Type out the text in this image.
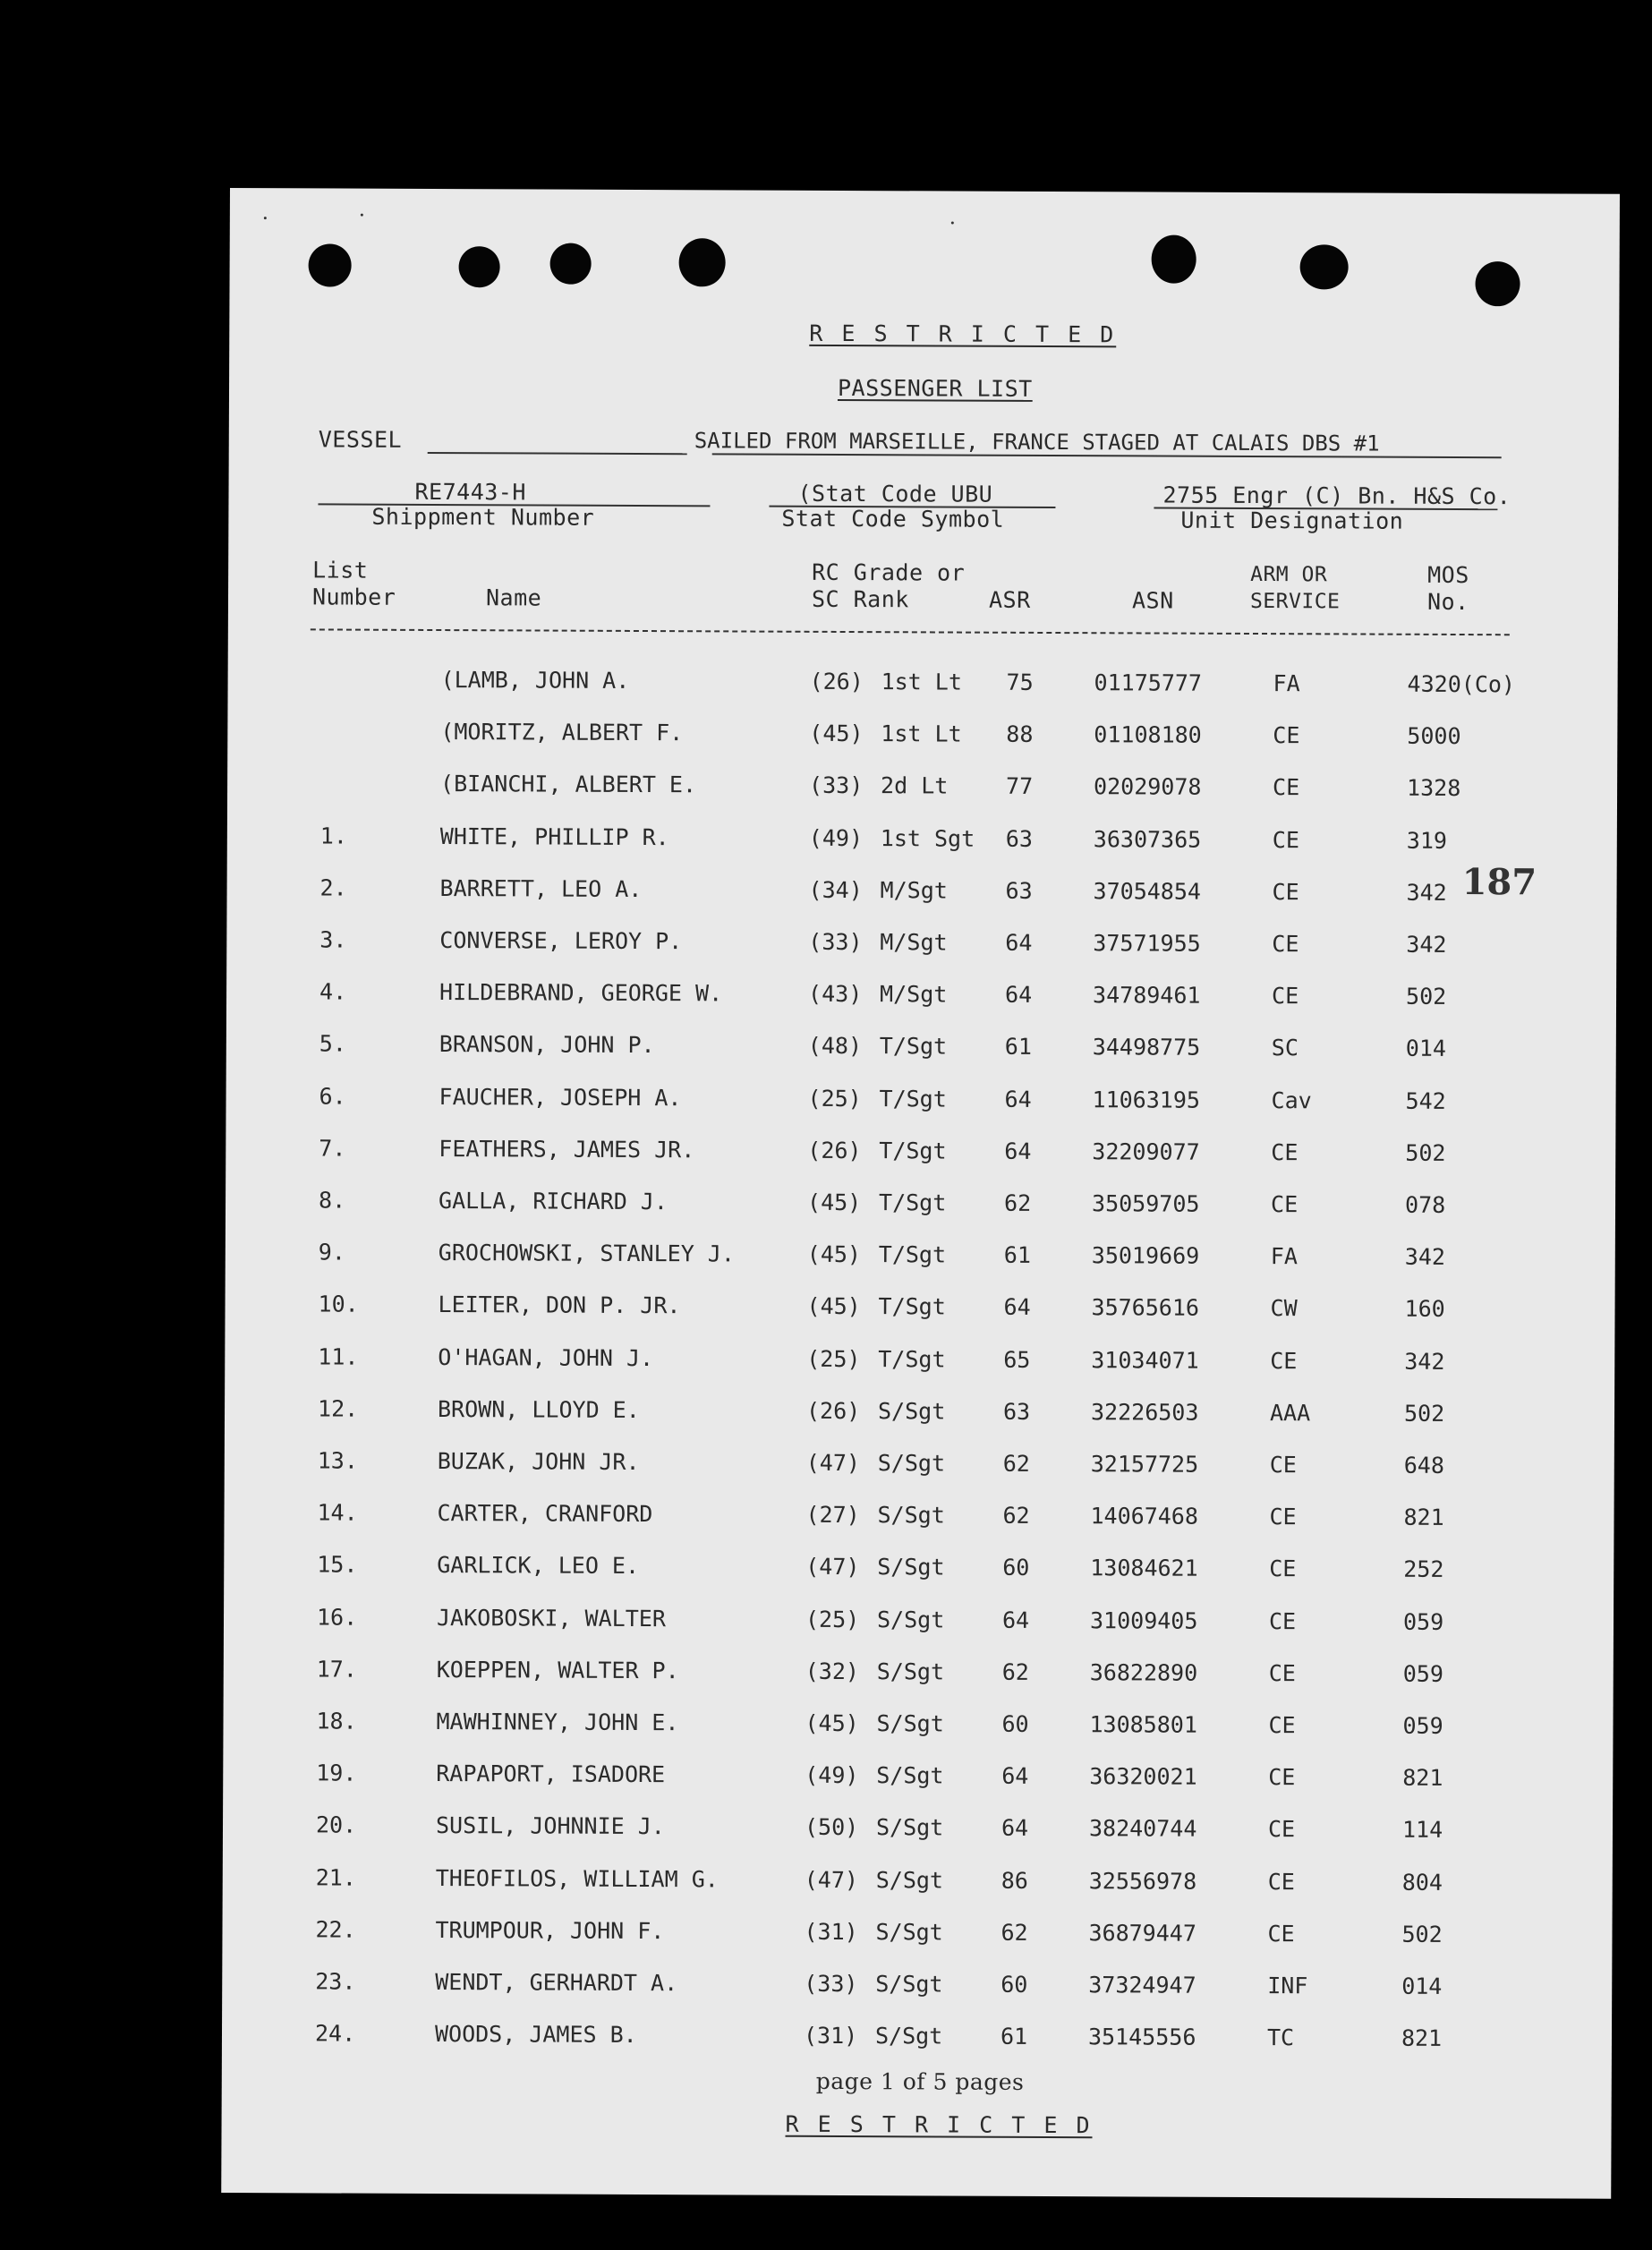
R E S T R I C T E D
PASSENGER LIST
VESSEL	SAILED FROM MARSEILLE, FRANCE STAGED AT CALAIS DBS #1
RE7443-H
Shippment Number
(Stat Code UBU
Stat Code Symbol
2755 Engr (C) Bn. H&S Co.
Unit Designation
List
Number	Name
RC Grade or
SC Rank	ASR	ASN
ARM OR
SERVICE
MOS
No.
(LAMB, JOHN A.	(26) 1st Lt 75	01175777	FA	4320(Co)
(MORITZ, ALBERT F.	(45) 1st Lt 88	01108180	CE	5000
(BIANCHI, ALBERT E.	(33) 2d Lt	77	02029078	CE	1328
1.	WHITE, PHILLIP R.	(49) 1st Sgt 63	36307365	CE	319
2.	BARRETT, LEO A.	(34) M/Sgt	63	37054854	CE	342
3.	CONVERSE, LEROY P.	(33) M/Sgt	64	37571955	CE	342
4.	HILDEBRAND, GEORGE W.	(43) M/Sgt	64	34789461	CE	502
5.	BRANSON, JOHN P.	(48) T/Sgt	61	34498775	SC	014
6.	FAUCHER, JOSEPH A.	(25) T/Sgt	64	11063195	Cav	542
7.	FEATHERS, JAMES JR.	(26) T/Sgt	64	32209077	CE	502
8.	GALLA, RICHARD J.	(45) T/Sgt	62	35059705	CE	078
9.	GROCHOWSKI, STANLEY J.	(45) T/Sgt	61	35019669	FA	342
10.	LEITER, DON P. JR.	(45) T/Sgt	64	35765616	CW	160
11.	O'HAGAN, JOHN J.	(25) T/Sgt	65	31034071	CE	342
12.	BROWN, LLOYD E.	(26) S/Sgt	63	32226503	AAA	502
13.	BUZAK, JOHN JR.	(47) S/Sgt	62	32157725	CE	648
14.	CARTER, CRANFORD	(27) S/Sgt	62	14067468	CE	821
15.	GARLICK, LEO E.	(47) S/Sgt	60	13084621	CE	252
16.	JAKOBOSKI, WALTER	(25) S/Sgt	64	31009405	CE	059
17.	KOEPPEN, WALTER P.	(32) S/Sgt	62	36822890	CE	059
18.	MAWHINNEY, JOHN E.	(45) S/Sgt	60	13085801	CE	059
19.	RAPAPORT, ISADORE	(49) S/Sgt	64	36320021	CE	821
20.	SUSIL, JOHNNIE J.	(50) S/Sgt	64	38240744	CE	114
21.	THEOFILOS, WILLIAM G.	(47) S/Sgt	86	32556978	CE	804
22.	TRUMPOUR, JOHN F.	(31) S/Sgt	62	36879447	CE	502
23.	WENDT, GERHARDT A.	(33) S/Sgt	60	37324947	INF	014
24.	WOODS, JAMES B.	(31) S/Sgt	61	35145556	TC	821
187
page 1 of 5 pages
R E S T R I C T E D
